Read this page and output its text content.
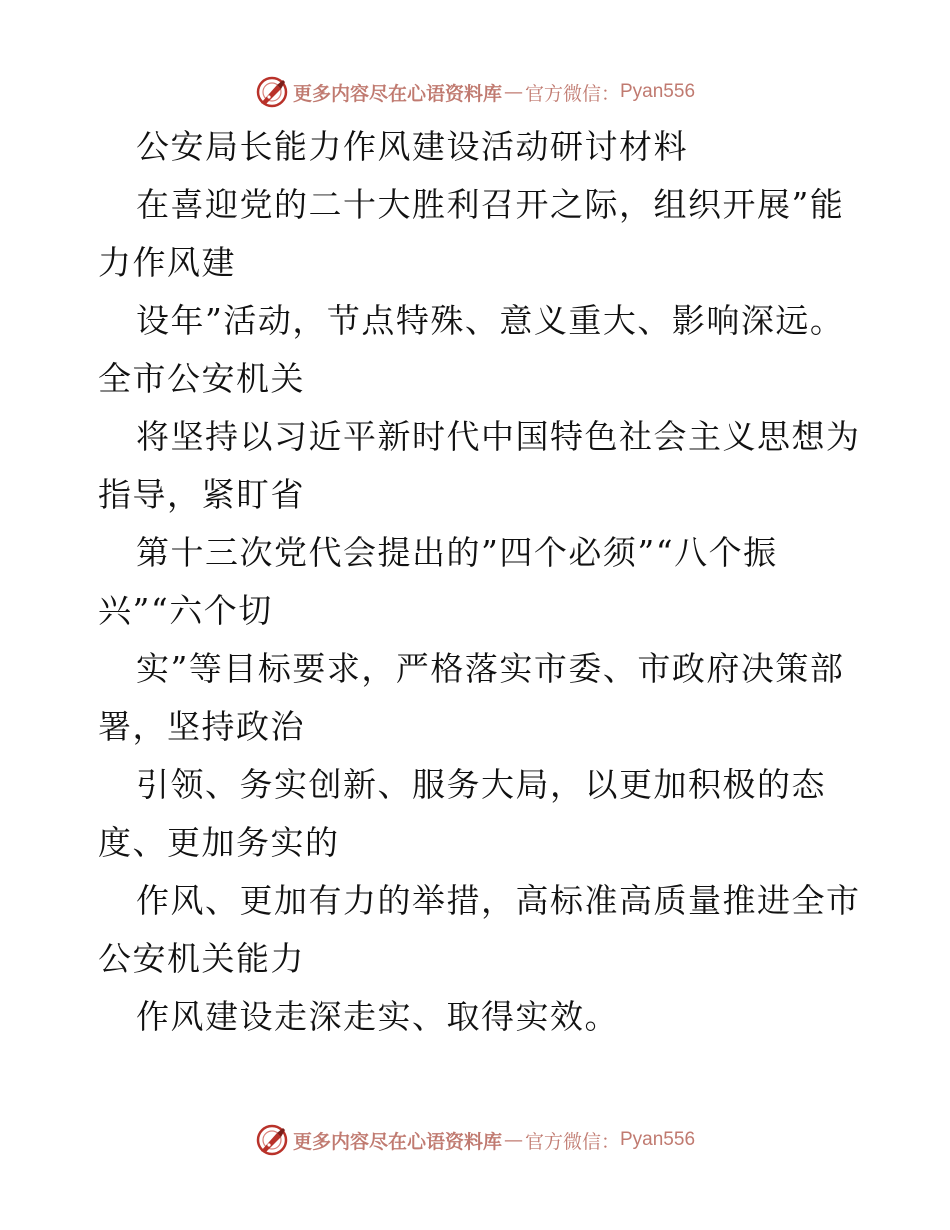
更多内容尽在心语资料库 — 官方微信： Pyan556
公安局长能力作风建设活动研讨材料
在喜迎党的二十大胜利召开之际，组织开展”能
力作风建
设年”活动，节点特殊、意义重大、影响深远。
全市公安机关
将坚持以习近平新时代中国特色社会主义思想为
指导，紧盯省
第十三次党代会提出的”四个必须”“八个振
兴”“六个切
实”等目标要求，严格落实市委、市政府决策部
署，坚持政治
引领、务实创新、服务大局，以更加积极的态
度、更加务实的
作风、更加有力的举措，高标准高质量推进全市
公安机关能力
作风建设走深走实、取得实效。
更多内容尽在心语资料库 — 官方微信： Pyan556
